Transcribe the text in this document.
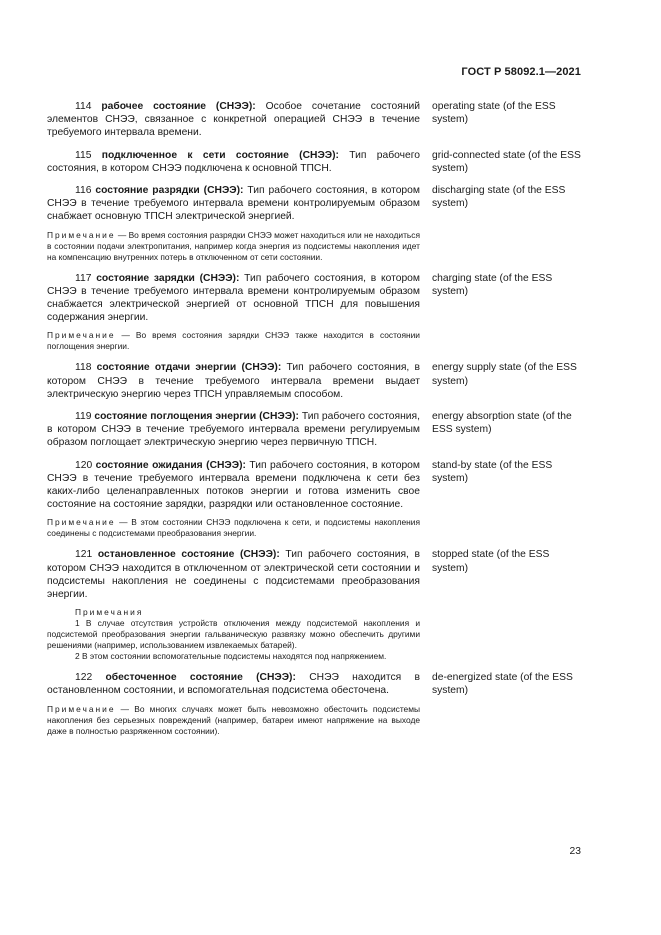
ГОСТ Р 58092.1—2021

114 рабочее состояние (СНЭЭ): Особое сочетание состояний элементов СНЭЭ, связанное с конкретной операцией СНЭЭ в течение требуемого интервала времени.

operating state (of the ESS system)

115 подключенное к сети состояние (СНЭЭ): Тип рабочего состояния, в котором СНЭЭ подключена к основной ТПСН.

grid-connected state (of the ESS system)

116 состояние разрядки (СНЭЭ): Тип рабочего состояния, в котором СНЭЭ в течение требуемого интервала времени контролируемым образом снабжает основную ТПСН электрической энергией.

Примечание — Во время состояния разрядки СНЭЭ может находиться или не находиться в состоянии подачи электропитания, например когда энергия из подсистемы накопления идет на компенсацию внутренних потерь в отключенном от сети состоянии.

discharging state (of the ESS system)

117 состояние зарядки (СНЭЭ): Тип рабочего состояния, в котором СНЭЭ в течение требуемого интервала времени контролируемым образом снабжается электрической энергией от основной ТПСН для повышения содержания энергии.

Примечание — Во время состояния зарядки СНЭЭ также находится в состоянии поглощения энергии.

charging state (of the ESS system)

118 состояние отдачи энергии (СНЭЭ): Тип рабочего состояния, в котором СНЭЭ в течение требуемого интервала времени выдает электрическую энергию через ТПСН управляемым способом.

energy supply state (of the ESS system)

119 состояние поглощения энергии (СНЭЭ): Тип рабочего состояния, в котором СНЭЭ в течение требуемого интервала времени регулируемым образом поглощает электрическую энергию через первичную ТПСН.

energy absorption state (of the ESS system)

120 состояние ожидания (СНЭЭ): Тип рабочего состояния, в котором СНЭЭ в течение требуемого интервала времени подключена к сети без каких-либо целенаправленных потоков энергии и готова изменить свое состояние на состояние зарядки, разрядки или остановленное состояние.

Примечание — В этом состоянии СНЭЭ подключена к сети, и подсистемы накопления соединены с подсистемами преобразования энергии.

stand-by state (of the ESS system)

121 остановленное состояние (СНЭЭ): Тип рабочего состояния, в котором СНЭЭ находится в отключенном от электрической сети состоянии и подсистемы накопления не соединены с подсистемами преобразования энергии.

Примечания

1 В случае отсутствия устройств отключения между подсистемой накопления и подсистемой преобразования энергии гальваническую развязку можно обеспечить другими решениями (например, использованием извлекаемых батарей).

2 В этом состоянии вспомогательные подсистемы находятся под напряжением.

stopped state (of the ESS system)

122 обесточенное состояние (СНЭЭ): СНЭЭ находится в остановленном состоянии, и вспомогательная подсистема обесточена.

Примечание — Во многих случаях может быть невозможно обесточить подсистемы накопления без серьезных повреждений (например, батареи имеют напряжение на выходе даже в полностью разряженном состоянии).

de-energized state (of the ESS system)
23
